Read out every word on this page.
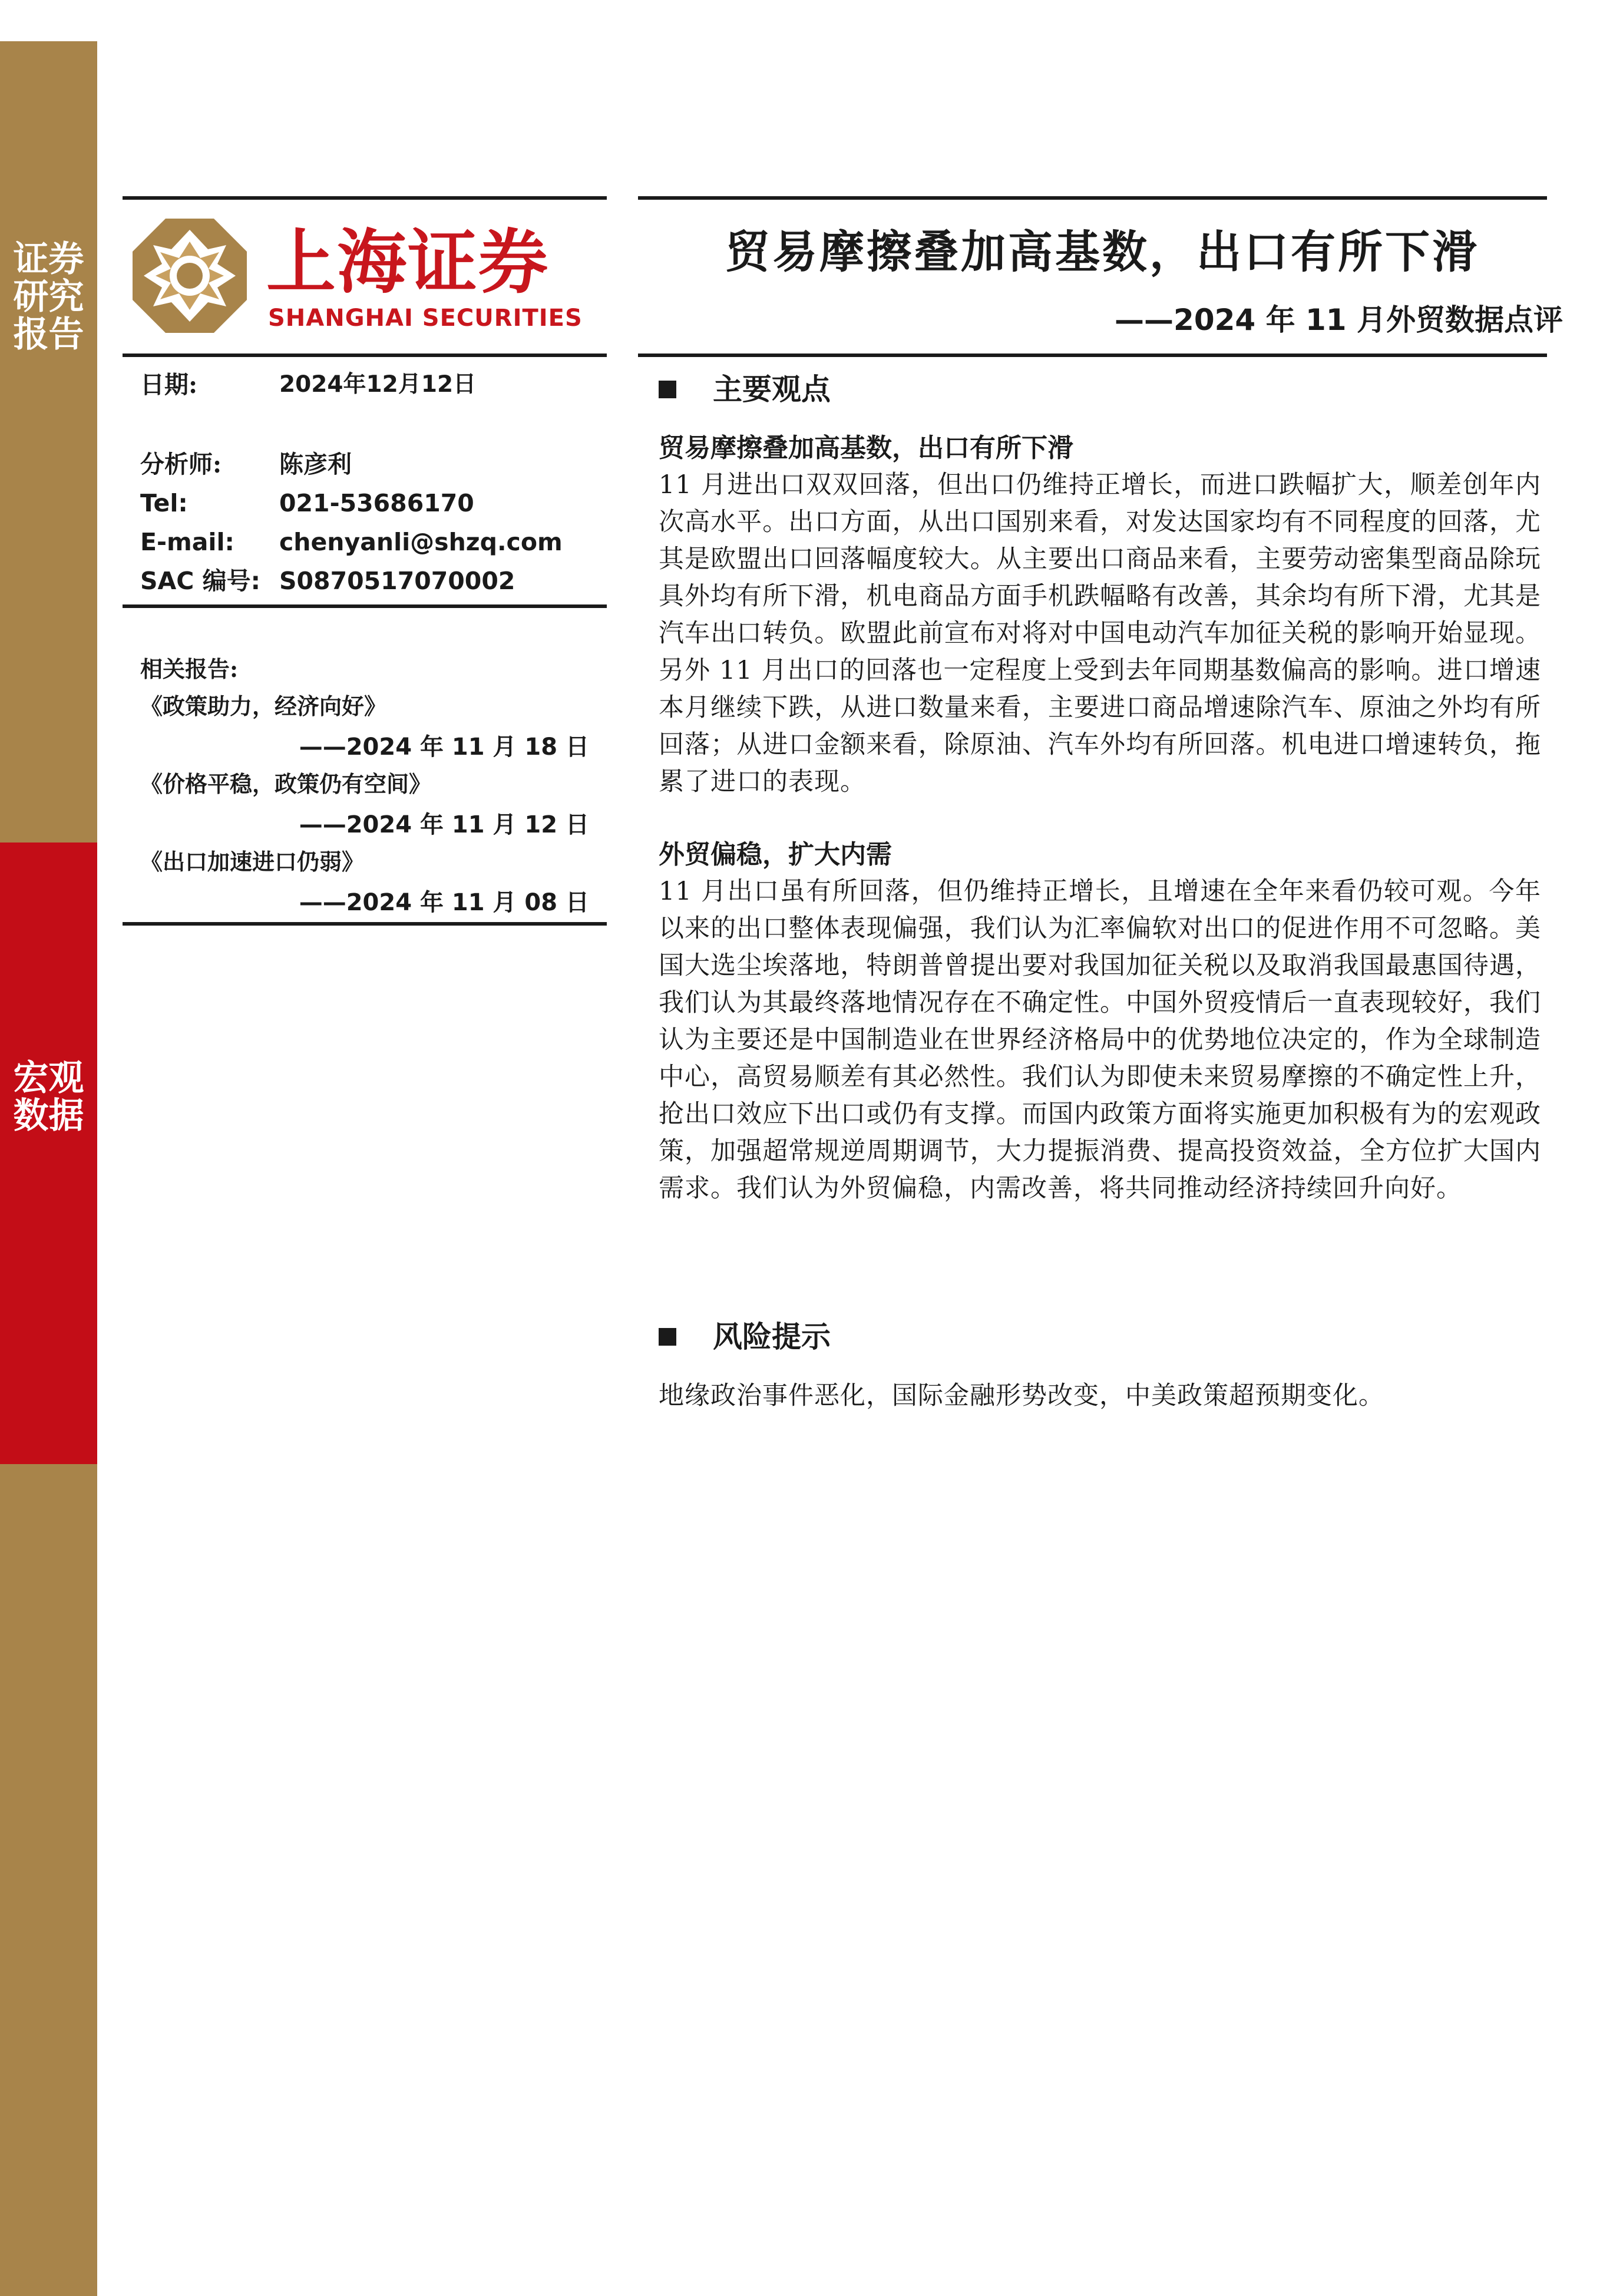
证券研究报告
宏观数据
上海证券
SHANGHAI SECURITIES
贸易摩擦叠加高基数，出口有所下滑
——2024 年 11 月外贸数据点评
日期:	2024年12月12日
分析师: 陈彦利
Tel:	021-53686170
E-mail: chenyanli@shzq.com
SAC 编号: S0870517070002
相关报告:
《政策助力，经济向好》
——2024 年 11 月 18 日
《价格平稳，政策仍有空间》
——2024 年 11 月 12 日
《出口加速进口仍弱》
——2024 年 11 月 08 日
主要观点
贸易摩擦叠加高基数，出口有所下滑
11 月进出口双双回落，但出口仍维持正增长，而进口跌幅扩大，顺差创年内次高水平。出口方面，从出口国别来看，对发达国家均有不同程度的回落，尤其是欧盟出口回落幅度较大。从主要出口商品来看，主要劳动密集型商品除玩具外均有所下滑，机电商品方面手机跌幅略有改善，其余均有所下滑，尤其是汽车出口转负。欧盟此前宣布对将对中国电动汽车加征关税的影响开始显现。另外 11 月出口的回落也一定程度上受到去年同期基数偏高的影响。进口增速本月继续下跌，从进口数量来看，主要进口商品增速除汽车、原油之外均有所回落；从进口金额来看，除原油、汽车外均有所回落。机电进口增速转负，拖累了进口的表现。
外贸偏稳，扩大内需
11 月出口虽有所回落，但仍维持正增长，且增速在全年来看仍较可观。今年以来的出口整体表现偏强，我们认为汇率偏软对出口的促进作用不可忽略。美国大选尘埃落地，特朗普曾提出要对我国加征关税以及取消我国最惠国待遇，我们认为其最终落地情况存在不确定性。中国外贸疫情后一直表现较好，我们认为主要还是中国制造业在世界经济格局中的优势地位决定的，作为全球制造中心，高贸易顺差有其必然性。我们认为即使未来贸易摩擦的不确定性上升，抢出口效应下出口或仍有支撑。而国内政策方面将实施更加积极有为的宏观政策，加强超常规逆周期调节，大力提振消费、提高投资效益，全方位扩大国内需求。我们认为外贸偏稳，内需改善，将共同推动经济持续回升向好。
风险提示
地缘政治事件恶化，国际金融形势改变，中美政策超预期变化。
